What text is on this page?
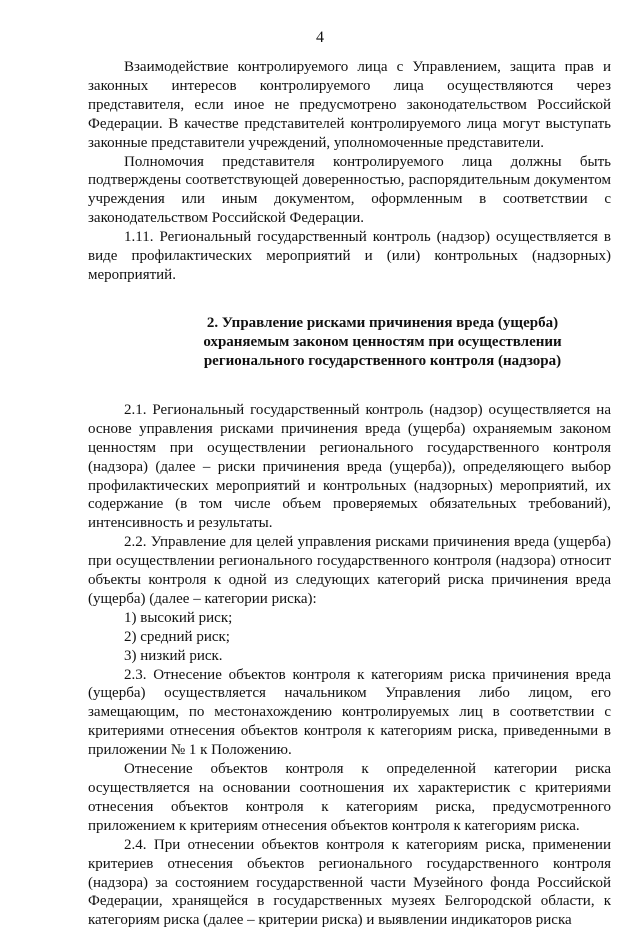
4

Взаимодействие контролируемого лица с Управлением, защита прав и законных интересов контролируемого лица осуществляются через представителя, если иное не предусмотрено законодательством Российской Федерации. В качестве представителей контролируемого лица могут выступать законные представители учреждений, уполномоченные представители.

Полномочия представителя контролируемого лица должны быть подтверждены соответствующей доверенностью, распорядительным документом учреждения или иным документом, оформленным в соответствии с законодательством Российской Федерации.

1.11. Региональный государственный контроль (надзор) осуществляется в виде профилактических мероприятий и (или) контрольных (надзорных) мероприятий.

2. Управление рисками причинения вреда (ущерба)
охраняемым законом ценностям при осуществлении
регионального государственного контроля (надзора)

2.1. Региональный государственный контроль (надзор) осуществляется на основе управления рисками причинения вреда (ущерба) охраняемым законом ценностям при осуществлении регионального государственного контроля (надзора) (далее – риски причинения вреда (ущерба)), определяющего выбор профилактических мероприятий и контрольных (надзорных) мероприятий, их содержание (в том числе объем проверяемых обязательных требований), интенсивность и результаты.

2.2. Управление для целей управления рисками причинения вреда (ущерба) при осуществлении регионального государственного контроля (надзора) относит объекты контроля к одной из следующих категорий риска причинения вреда (ущерба) (далее – категории риска):

1) высокий риск;

2) средний риск;

3) низкий риск.

2.3. Отнесение объектов контроля к категориям риска причинения вреда (ущерба) осуществляется начальником Управления либо лицом, его замещающим, по местонахождению контролируемых лиц в соответствии с критериями отнесения объектов контроля к категориям риска, приведенными в приложении № 1 к Положению.

Отнесение объектов контроля к определенной категории риска осуществляется на основании соотношения их характеристик с критериями отнесения объектов контроля к категориям риска, предусмотренного приложением к критериям отнесения объектов контроля к категориям риска.

2.4. При отнесении объектов контроля к категориям риска, применении критериев отнесения объектов регионального государственного контроля (надзора) за состоянием государственной части Музейного фонда Российской Федерации, хранящейся в государственных музеях Белгородской области, к категориям риска (далее – критерии риска) и выявлении индикаторов риска
